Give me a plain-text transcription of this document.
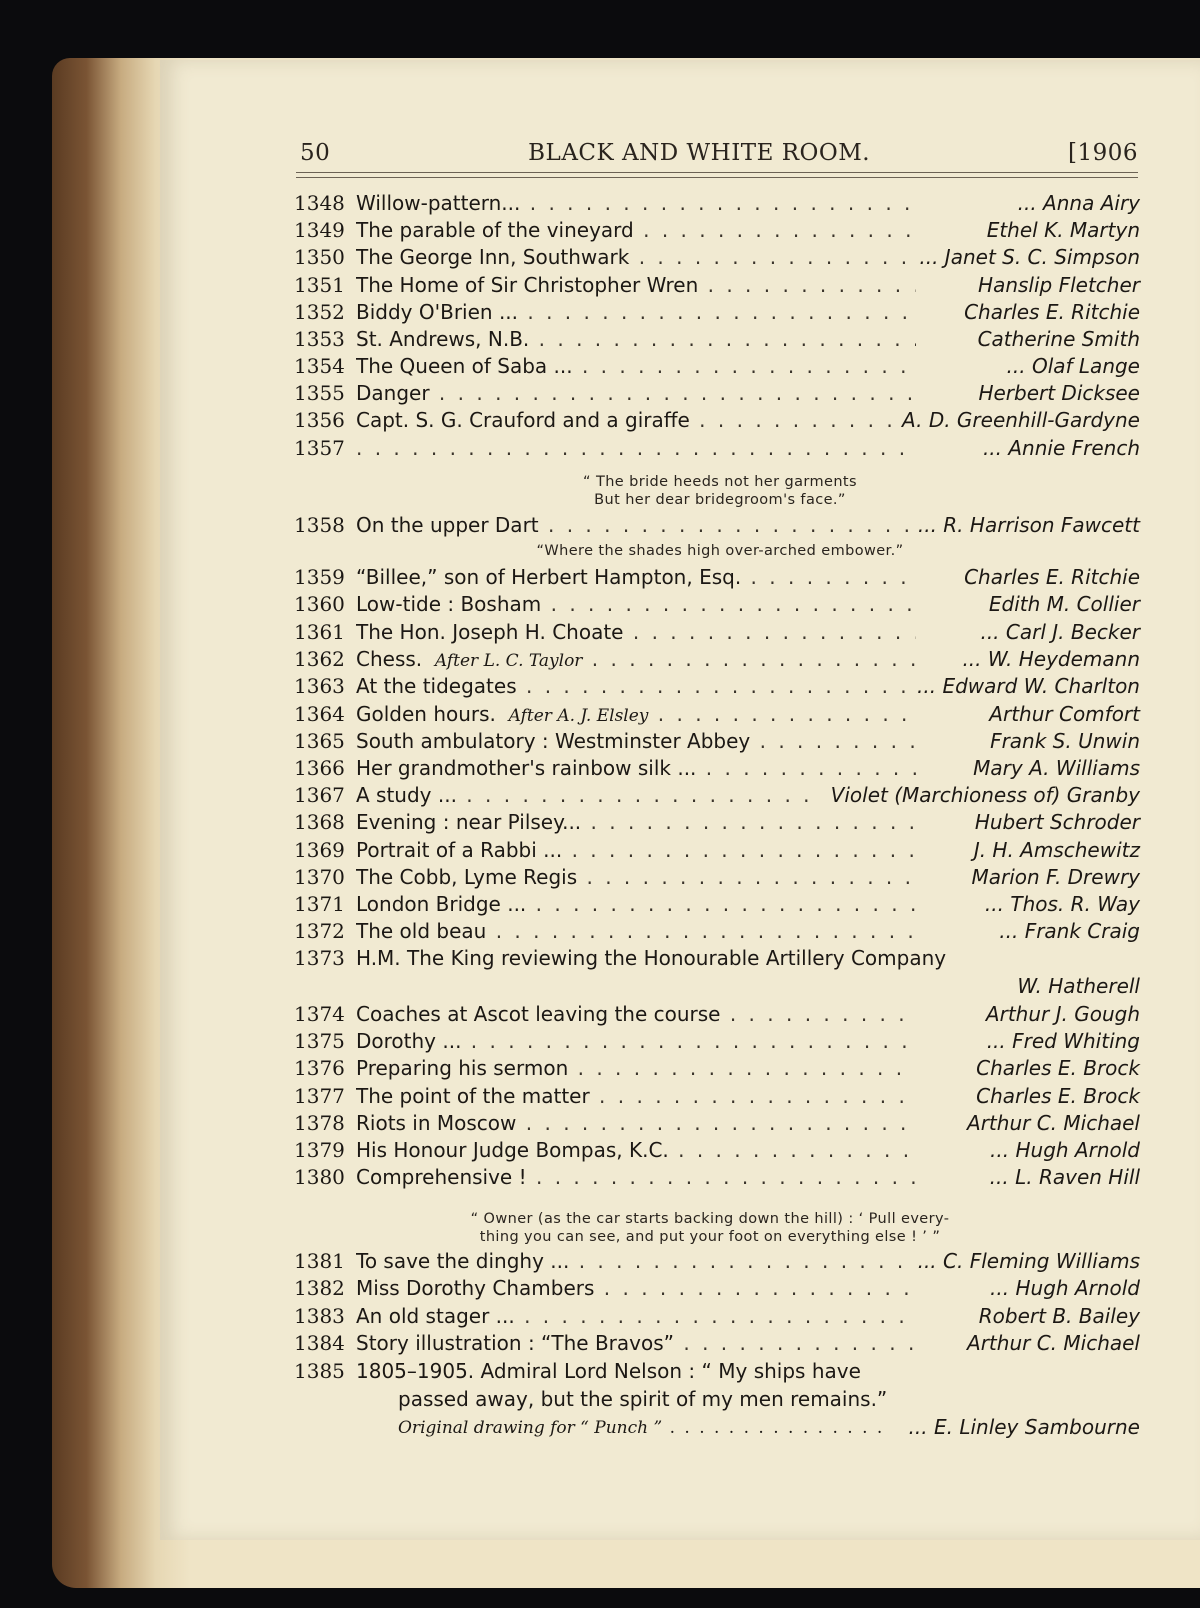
50	BLACK AND WHITE ROOM.	[1906
1348 Willow-pattern... . . .	... Anna Airy
1349 The parable of the vineyard . . .	Ethel K. Martyn
1350 The George Inn, Southwark . . .	... Janet S. C. Simpson
1351 The Home of Sir Christopher Wren . . .	Hanslip Fletcher
1352 Biddy O'Brien ... . . .	Charles E. Ritchie
1353 St. Andrews, N.B. . . .	Catherine Smith
1354 The Queen of Saba ... . . .	... Olaf Lange
1355 Danger . . .	Herbert Dicksee
1356 Capt. S. G. Crauford and a giraffe . . .	A. D. Greenhill-Gardyne
1357
. . .	... Annie French
“ The bride heeds not her garments
But her dear bridegroom's face.”
1358 On the upper Dart . . .	... R. Harrison Fawcett
“Where the shades high over-arched embower.”
1359 “Billee,” son of Herbert Hampton, Esq. . . .	Charles E. Ritchie
1360 Low-tide : Bosham . . .	Edith M. Collier
1361 The Hon. Joseph H. Choate . . .	... Carl J. Becker
1362 Chess. After L. C. Taylor . . .	... W. Heydemann
1363 At the tidegates . . .	... Edward W. Charlton
1364 Golden hours. After A. J. Elsley . . .	Arthur Comfort
1365 South ambulatory : Westminster Abbey . . .	Frank S. Unwin
1366 Her grandmother's rainbow silk ... . . .	Mary A. Williams
1367 A study ... . . .	Violet (Marchioness of) Granby
1368 Evening : near Pilsey... . . .	Hubert Schroder
1369 Portrait of a Rabbi ... . . .	J. H. Amschewitz
1370 The Cobb, Lyme Regis . . .	Marion F. Drewry
1371 London Bridge ... . . .	... Thos. R. Way
1372 The old beau . . .	... Frank Craig
1373 H.M. The King reviewing the Honourable Artillery Company
W. Hatherell
1374 Coaches at Ascot leaving the course . . .	Arthur J. Gough
1375 Dorothy ... . . .	... Fred Whiting
1376 Preparing his sermon . . .	Charles E. Brock
1377 The point of the matter . . .	Charles E. Brock
1378 Riots in Moscow . . .	Arthur C. Michael
1379 His Honour Judge Bompas, K.C. . . .	... Hugh Arnold
1380 Comprehensive ! . . .	... L. Raven Hill
“ Owner (as the car starts backing down the hill) : ‘ Pull every-
thing you can see, and put your foot on everything else ! ’ ”
1381 To save the dinghy ... . . .	... C. Fleming Williams
1382 Miss Dorothy Chambers . . .	... Hugh Arnold
1383 An old stager ... . . .	Robert B. Bailey
1384 Story illustration : “The Bravos” . . .	Arthur C. Michael
1385 1805–1905. Admiral Lord Nelson : “ My ships have
passed away, but the spirit of my men remains.”
Original drawing for “ Punch ” . . .	... E. Linley Sambourne
